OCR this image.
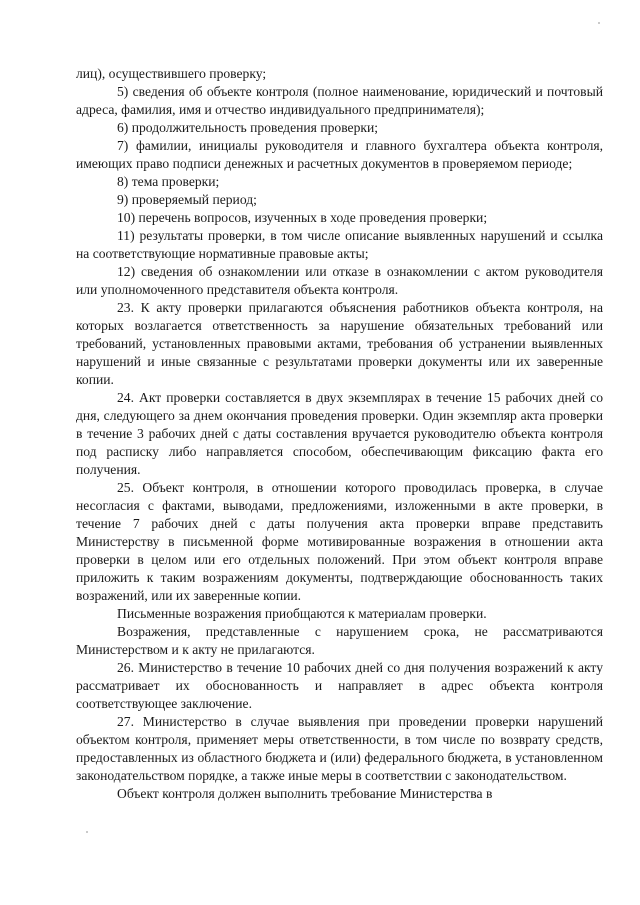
лиц), осуществившего проверку;

5) сведения об объекте контроля (полное наименование, юридический и почтовый адреса, фамилия, имя и отчество индивидуального предпринимателя);

6) продолжительность проведения проверки;

7) фамилии, инициалы руководителя и главного бухгалтера объекта контроля, имеющих право подписи денежных и расчетных документов в проверяемом периоде;

8) тема проверки;

9) проверяемый период;

10) перечень вопросов, изученных в ходе проведения проверки;

11) результаты проверки, в том числе описание выявленных нарушений и ссылка на соответствующие нормативные правовые акты;

12) сведения об ознакомлении или отказе в ознакомлении с актом руководителя или уполномоченного представителя объекта контроля.

23. К акту проверки прилагаются объяснения работников объекта контроля, на которых возлагается ответственность за нарушение обязательных требований или требований, установленных правовыми актами, требования об устранении выявленных нарушений и иные связанные с результатами проверки документы или их заверенные копии.

24. Акт проверки составляется в двух экземплярах в течение 15 рабочих дней со дня, следующего за днем окончания проведения проверки. Один экземпляр акта проверки в течение 3 рабочих дней с даты составления вручается руководителю объекта контроля под расписку либо направляется способом, обеспечивающим фиксацию факта его получения.

25. Объект контроля, в отношении которого проводилась проверка, в случае несогласия с фактами, выводами, предложениями, изложенными в акте проверки, в течение 7 рабочих дней с даты получения акта проверки вправе представить Министерству в письменной форме мотивированные возражения в отношении акта проверки в целом или его отдельных положений. При этом объект контроля вправе приложить к таким возражениям документы, подтверждающие обоснованность таких возражений, или их заверенные копии.

Письменные возражения приобщаются к материалам проверки.

Возражения, представленные с нарушением срока, не рассматриваются Министерством и к акту не прилагаются.

26. Министерство в течение 10 рабочих дней со дня получения возражений к акту рассматривает их обоснованность и направляет в адрес объекта контроля соответствующее заключение.

27. Министерство в случае выявления при проведении проверки нарушений объектом контроля, применяет меры ответственности, в том числе по возврату средств, предоставленных из областного бюджета и (или) федерального бюджета, в установленном законодательством порядке, а также иные меры в соответствии с законодательством.

Объект контроля должен выполнить требование Министерства в
